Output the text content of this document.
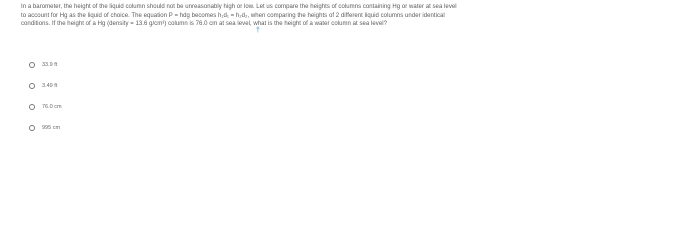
In a barometer, the height of the liquid column should not be unreasonably high or low. Let us compare the heights of columns containing Hg or water at sea level
to account for Hg as the liquid of choice. The equation P = hdg becomes h₁d₁ = h₂d₂, when comparing the heights of 2 different liquid columns under identical
conditions. If the height of a Hg (density = 13.6 g/cm³) column is 76.0 cm at sea level, what is the height of a water column at sea level?
†
33.9 ft
3.49 ft
76.0 cm
995 cm
